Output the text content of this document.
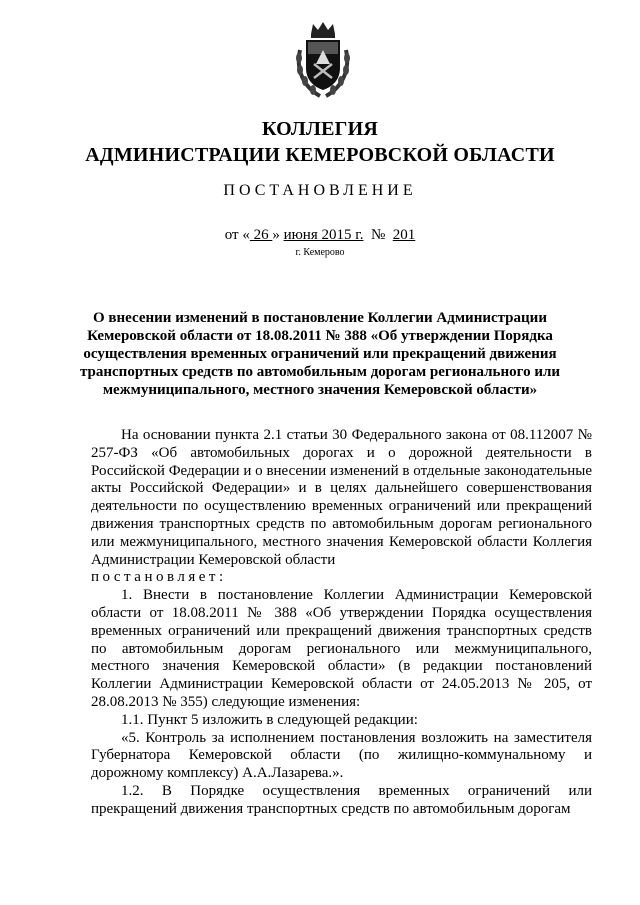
КОЛЛЕГИЯ
АДМИНИСТРАЦИИ КЕМЕРОВСКОЙ ОБЛАСТИ
ПОСТАНОВЛЕНИЕ
от « 26 » июня 2015 г. № 201
г. Кемерово
О внесении изменений в постановление Коллегии Администрации Кемеровской области от 18.08.2011 № 388 «Об утверждении Порядка осуществления временных ограничений или прекращений движения транспортных средств по автомобильным дорогам регионального или межмуниципального, местного значения Кемеровской области»

На основании пункта 2.1 статьи 30 Федерального закона от 08.112007 № 257-ФЗ «Об автомобильных дорогах и о дорожной деятельности в Российской Федерации и о внесении изменений в отдельные законодательные акты Российской Федерации» и в целях дальнейшего совершенствования деятельности по осуществлению временных ограничений или прекращений движения транспортных средств по автомобильным дорогам регионального или межмуниципального, местного значения Кемеровской области Коллегия Администрации Кемеровской области

постановляет:

1. Внести в постановление Коллегии Администрации Кемеровской области от 18.08.2011 № 388 «Об утверждении Порядка осуществления временных ограничений или прекращений движения транспортных средств по автомобильным дорогам регионального или межмуниципального, местного значения Кемеровской области» (в редакции постановлений Коллегии Администрации Кемеровской области от 24.05.2013 № 205, от 28.08.2013 № 355) следующие изменения:

1.1. Пункт 5 изложить в следующей редакции:

«5. Контроль за исполнением постановления возложить на заместителя Губернатора Кемеровской области (по жилищно-коммунальному и дорожному комплексу) А.А.Лазарева.».

1.2. В Порядке осуществления временных ограничений или прекращений движения транспортных средств по автомобильным дорогам
